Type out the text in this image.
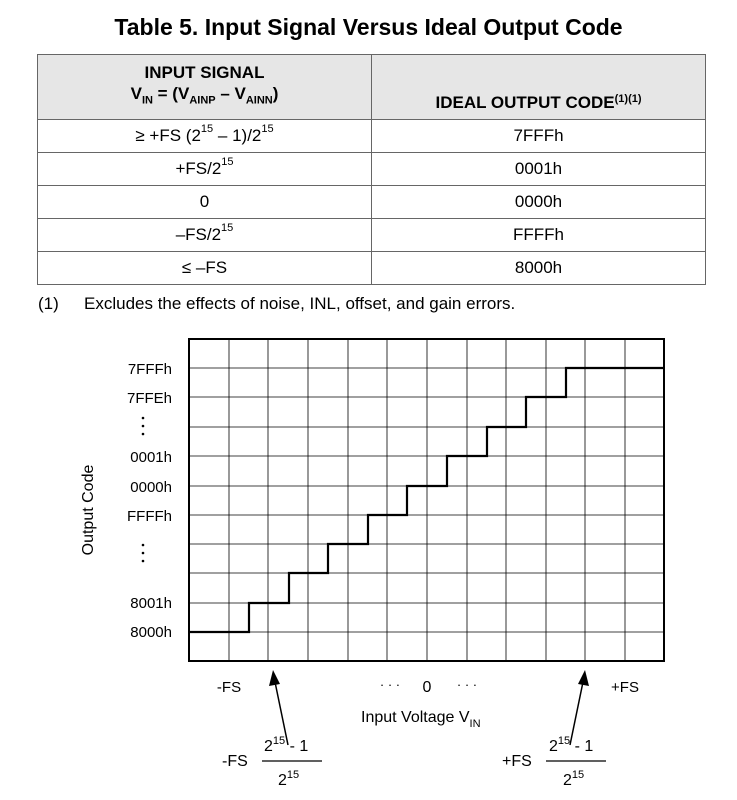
Table 5. Input Signal Versus Ideal Output Code
INPUT SIGNAL
$V_{IN} = (V_{AINP} - V_{AINN})$	IDEAL OUTPUT $CODE^{(1)(1)}$
≥ +FS $(2^{15} - 1)/2^{15}$	7FFFh
$+FS/2^{15}$	0001h
0	0000h
$-FS/2^{15}$	FFFFh
≤ –FS	8000h
(1) Excludes the effects of noise, INL, offset, and gain errors.
7FFFh
7FFEh
0001h
0000h
FFFFh
8001h
8000h
Output Code
-FS	· · · 0 · · ·	+FS
Input Voltage $V_{IN}$
-FS
$2^{15} - 1$
$2^{15}$
+FS
$2^{15} - 1$
$2^{15}$
